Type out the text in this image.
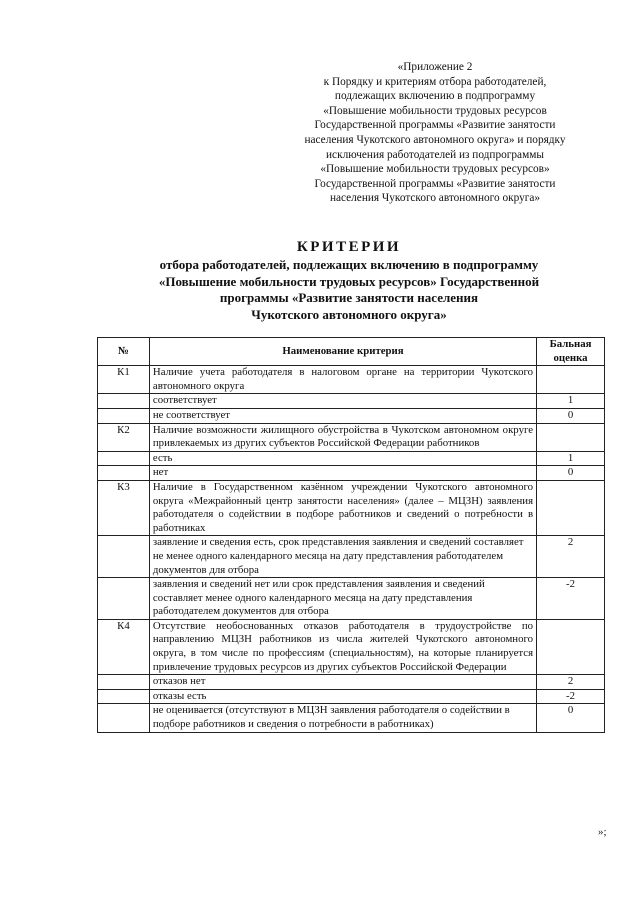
«Приложение 2
к Порядку и критериям отбора работодателей,
подлежащих включению в подпрограмму
«Повышение мобильности трудовых ресурсов
Государственной программы «Развитие занятости
населения Чукотского автономного округа» и порядку
исключения работодателей из подпрограммы
«Повышение мобильности трудовых ресурсов»
Государственной программы «Развитие занятости
населения Чукотского автономного округа»
КРИТЕРИИ
отбора работодателей, подлежащих включению в подпрограмму
«Повышение мобильности трудовых ресурсов» Государственной
программы «Развитие занятости населения
Чукотского автономного округа»
№	Наименование критерия	Бальная оценка
К1	Наличие учета работодателя в налоговом органе на территории Чукотского автономного округа	
	соответствует	1
	не соответствует	0
К2	Наличие возможности жилищного обустройства в Чукотском автономном округе привлекаемых из других субъектов Российской Федерации работников	
	есть	1
	нет	0
К3	Наличие в Государственном казённом учреждении Чукотского автономного округа «Межрайонный центр занятости населения» (далее – МЦЗН) заявления работодателя о содействии в подборе работников и сведений о потребности в работниках	
	заявление и сведения есть, срок представления заявления и сведений составляет не менее одного календарного месяца на дату представления работодателем документов для отбора	2
	заявления и сведений нет или срок представления заявления и сведений составляет менее одного календарного месяца на дату представления работодателем документов для отбора	-2
К4	Отсутствие необоснованных отказов работодателя в трудоустройстве по направлению МЦЗН работников из числа жителей Чукотского автономного округа, в том числе по профессиям (специальностям), на которые планируется привлечение трудовых ресурсов из других субъектов Российской Федерации	
	отказов нет	2
	отказы есть	-2
	не оценивается (отсутствуют в МЦЗН заявления работодателя о содействии в подборе работников и сведения о потребности в работниках)	0
»;
